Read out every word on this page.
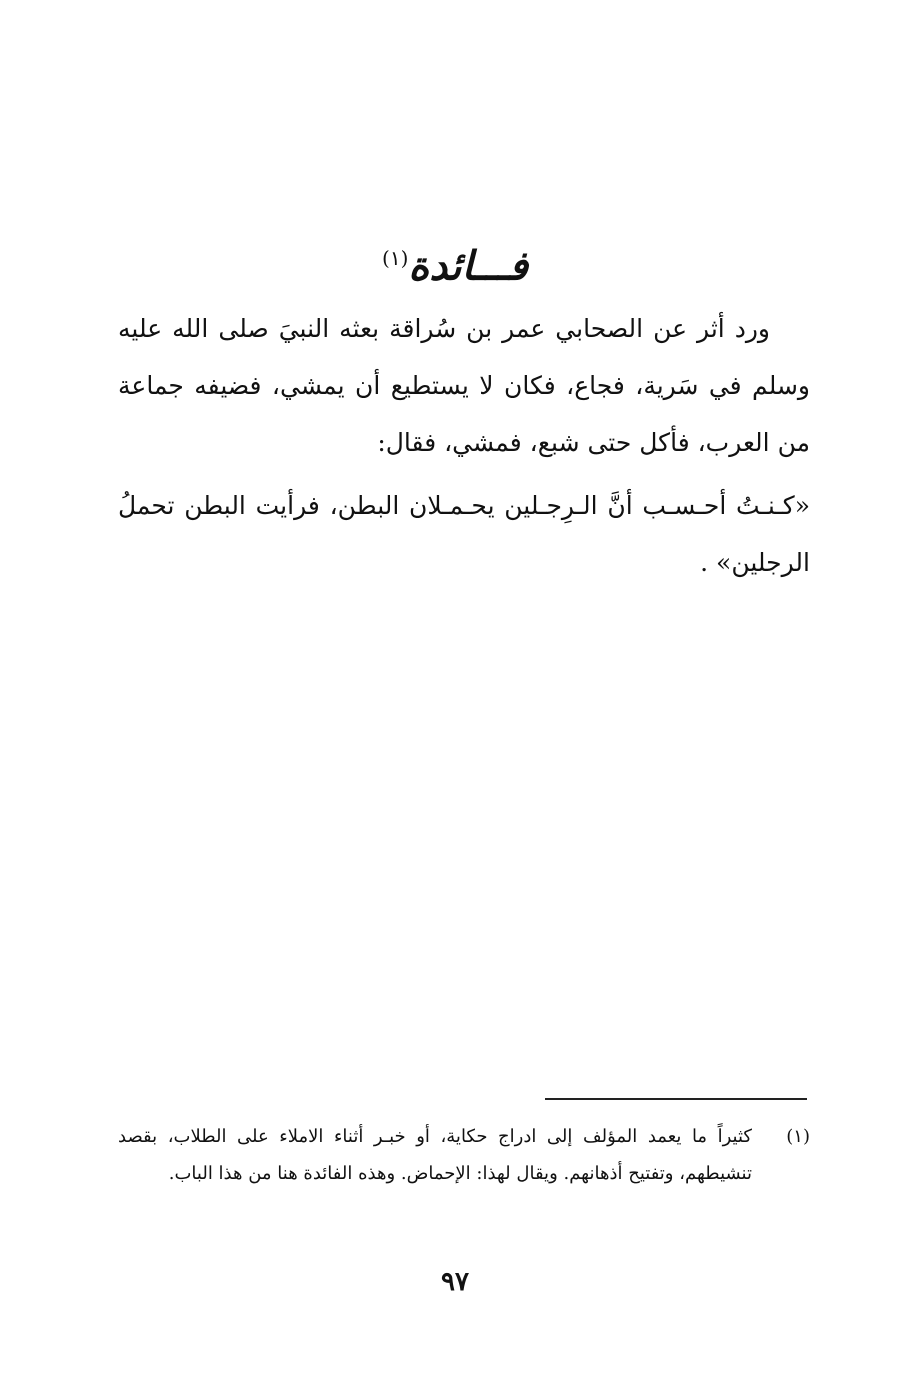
فـــائدة$^{(١)}$

ورد أثر عن الصحابي عمر بن سُراقة بعثه النبيَ صلى الله عليه وسلم في سَرية، فجاع، فكان لا يستطيع أن يمشي، فضيفه جماعة من العرب، فأكل حتى شبع، فمشي، فقال:

«كـنـتُ أحـسـب أنَّ الـرِجـلين يحـمـلان البطن، فرأيت البطن تحملُ الرجلين» .

(١)
كثيراً ما يعمد المؤلف إلى ادراج حكاية، أو خبـر أثناء الاملاء على الطلاب، بقصد تنشيطهم، وتفتيح أذهانهم. ويقال لهذا: الإحماض. وهذه الفائدة هنا من هذا الباب.
٩٧
